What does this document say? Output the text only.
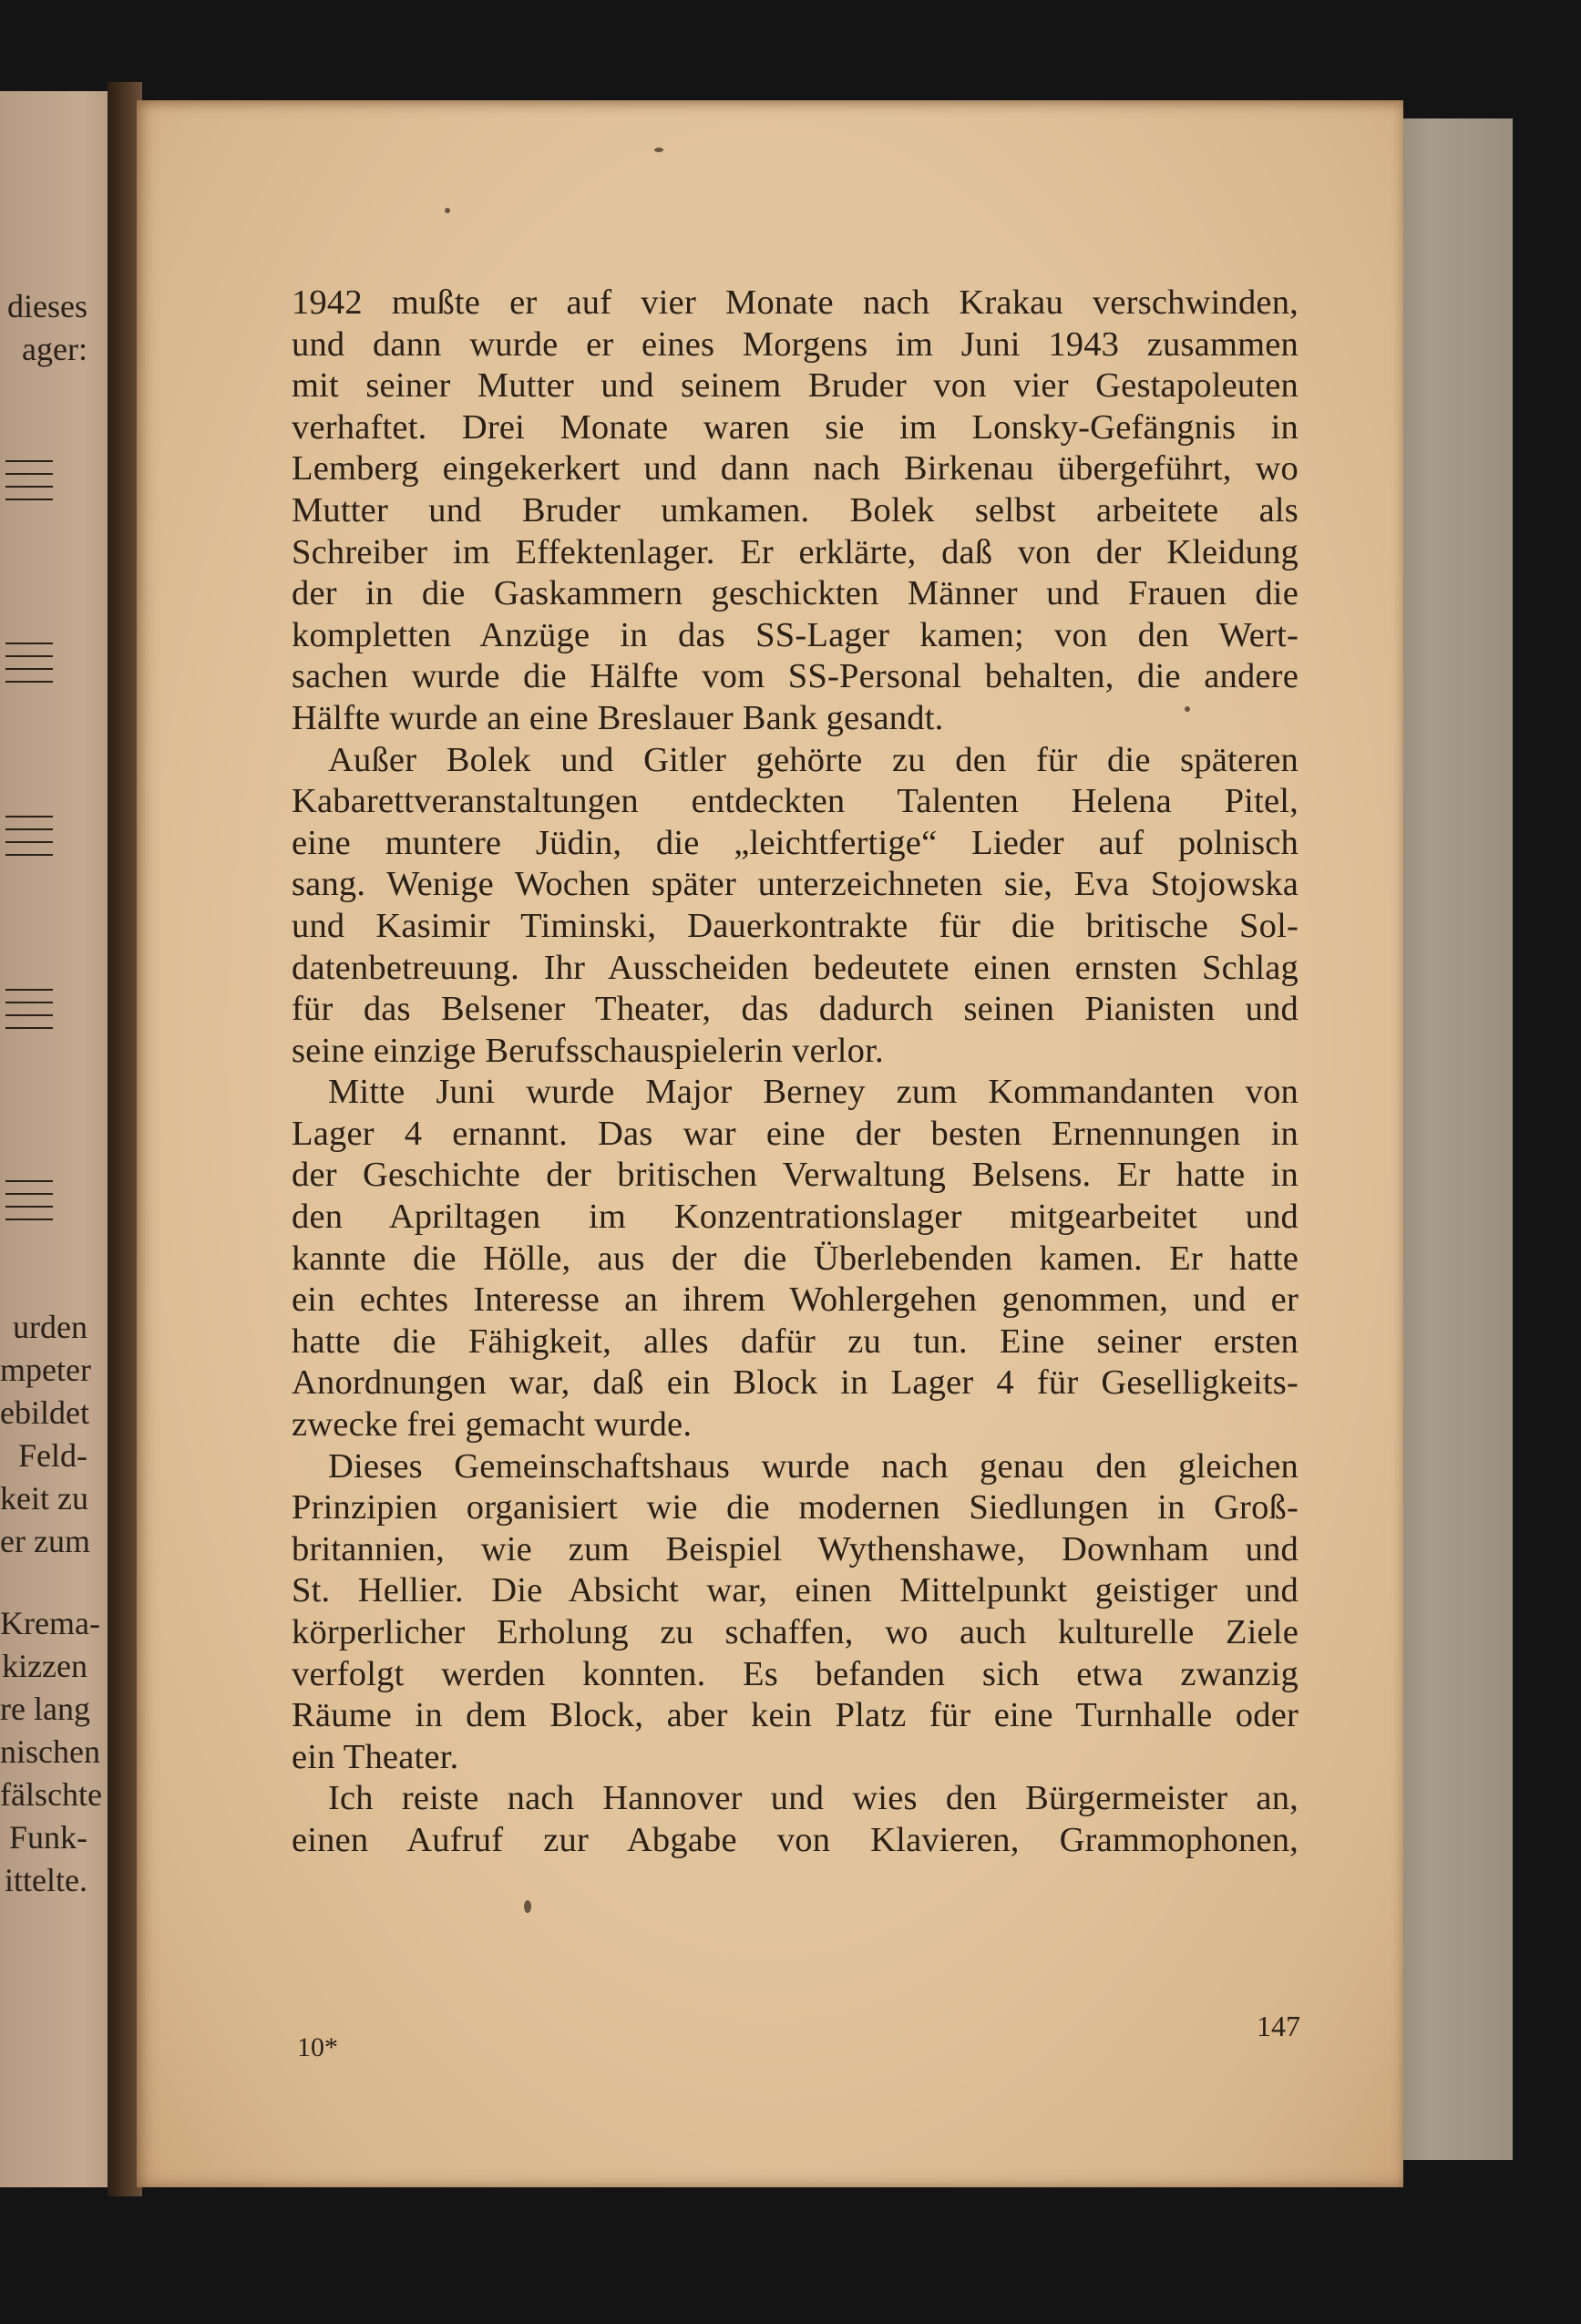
dieses
ager:
urden
mpeter
ebildet
Feld-
keit zu
er zum
Krema-
kizzen
re lang
nischen
fälschte
Funk-
ittelte.
1942 mußte er auf vier Monate nach Krakau verschwinden,
und dann wurde er eines Morgens im Juni 1943 zusammen
mit seiner Mutter und seinem Bruder von vier Gestapoleuten
verhaftet. Drei Monate waren sie im Lonsky-Gefängnis in
Lemberg eingekerkert und dann nach Birkenau übergeführt, wo
Mutter und Bruder umkamen. Bolek selbst arbeitete als
Schreiber im Effektenlager. Er erklärte, daß von der Kleidung
der in die Gaskammern geschickten Männer und Frauen die
kompletten Anzüge in das SS-Lager kamen; von den Wert-
sachen wurde die Hälfte vom SS-Personal behalten, die andere
Hälfte wurde an eine Breslauer Bank gesandt.
Außer Bolek und Gitler gehörte zu den für die späteren
Kabarettveranstaltungen entdeckten Talenten Helena Pitel,
eine muntere Jüdin, die „leichtfertige“ Lieder auf polnisch
sang. Wenige Wochen später unterzeichneten sie, Eva Stojowska
und Kasimir Timinski, Dauerkontrakte für die britische Sol-
datenbetreuung. Ihr Ausscheiden bedeutete einen ernsten Schlag
für das Belsener Theater, das dadurch seinen Pianisten und
seine einzige Berufsschauspielerin verlor.
Mitte Juni wurde Major Berney zum Kommandanten von
Lager 4 ernannt. Das war eine der besten Ernennungen in
der Geschichte der britischen Verwaltung Belsens. Er hatte in
den Apriltagen im Konzentrationslager mitgearbeitet und
kannte die Hölle, aus der die Überlebenden kamen. Er hatte
ein echtes Interesse an ihrem Wohlergehen genommen, und er
hatte die Fähigkeit, alles dafür zu tun. Eine seiner ersten
Anordnungen war, daß ein Block in Lager 4 für Geselligkeits-
zwecke frei gemacht wurde.
Dieses Gemeinschaftshaus wurde nach genau den gleichen
Prinzipien organisiert wie die modernen Siedlungen in Groß-
britannien, wie zum Beispiel Wythenshawe, Downham und
St. Hellier. Die Absicht war, einen Mittelpunkt geistiger und
körperlicher Erholung zu schaffen, wo auch kulturelle Ziele
verfolgt werden konnten. Es befanden sich etwa zwanzig
Räume in dem Block, aber kein Platz für eine Turnhalle oder
ein Theater.
Ich reiste nach Hannover und wies den Bürgermeister an,
einen Aufruf zur Abgabe von Klavieren, Grammophonen,
10*
147
